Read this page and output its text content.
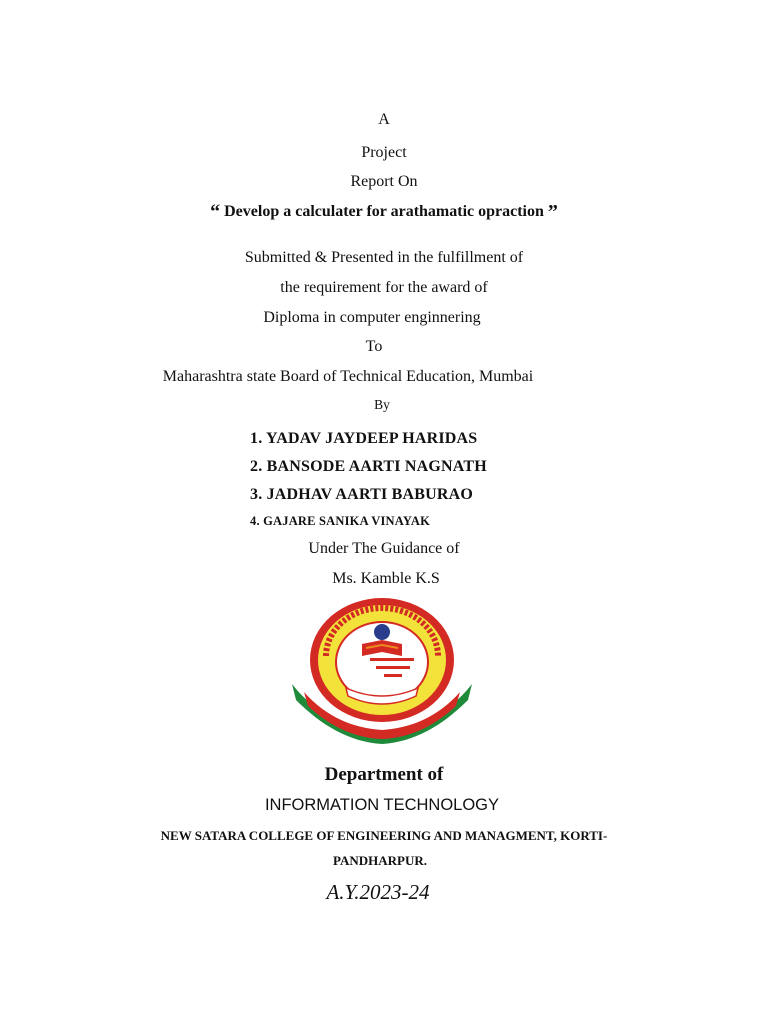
A
Project
Report On
“ Develop a calculater for arathamatic opraction ”
Submitted & Presented in the fulfillment of
the requirement for the award of
Diploma in computer enginnering
To
Maharashtra state Board of Technical Education, Mumbai
By
1. YADAV JAYDEEP HARIDAS
2. BANSODE AARTI NAGNATH
3. JADHAV AARTI BABURAO
4. GAJARE SANIKA VINAYAK
Under The Guidance of
Ms. Kamble K.S
Department of
INFORMATION TECHNOLOGY
NEW SATARA COLLEGE OF ENGINEERING AND MANAGMENT, KORTI-
PANDHARPUR.
A.Y.2023-24
